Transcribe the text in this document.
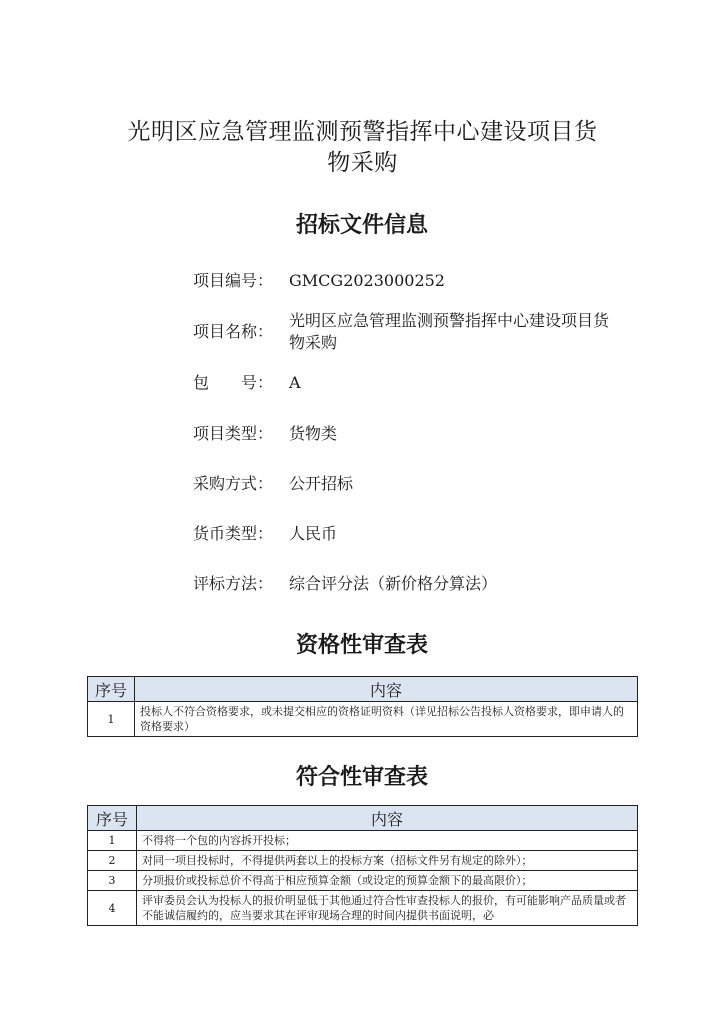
光明区应急管理监测预警指挥中心建设项目货
物采购
招标文件信息
项目编号： GMCG2023000252
项目名称：
光明区应急管理监测预警指挥中心建设项目货物采购
包　　号： A
项目类型： 货物类
采购方式： 公开招标
货币类型： 人民币
评标方法： 综合评分法（新价格分算法）
资格性审查表
序号	内容
1	投标人不符合资格要求，或未提交相应的资格证明资料（详见招标公告投标人资格要求，即申请人的资格要求）
符合性审查表
序号	内容
1	不得将一个包的内容拆开投标；
2	对同一项目投标时，不得提供两套以上的投标方案（招标文件另有规定的除外）；
3	分项报价或投标总价不得高于相应预算金额（或设定的预算金额下的最高限价）；
4	评审委员会认为投标人的报价明显低于其他通过符合性审查投标人的报价，有可能影响产品质量或者不能诚信履约的，应当要求其在评审现场合理的时间内提供书面说明，必
